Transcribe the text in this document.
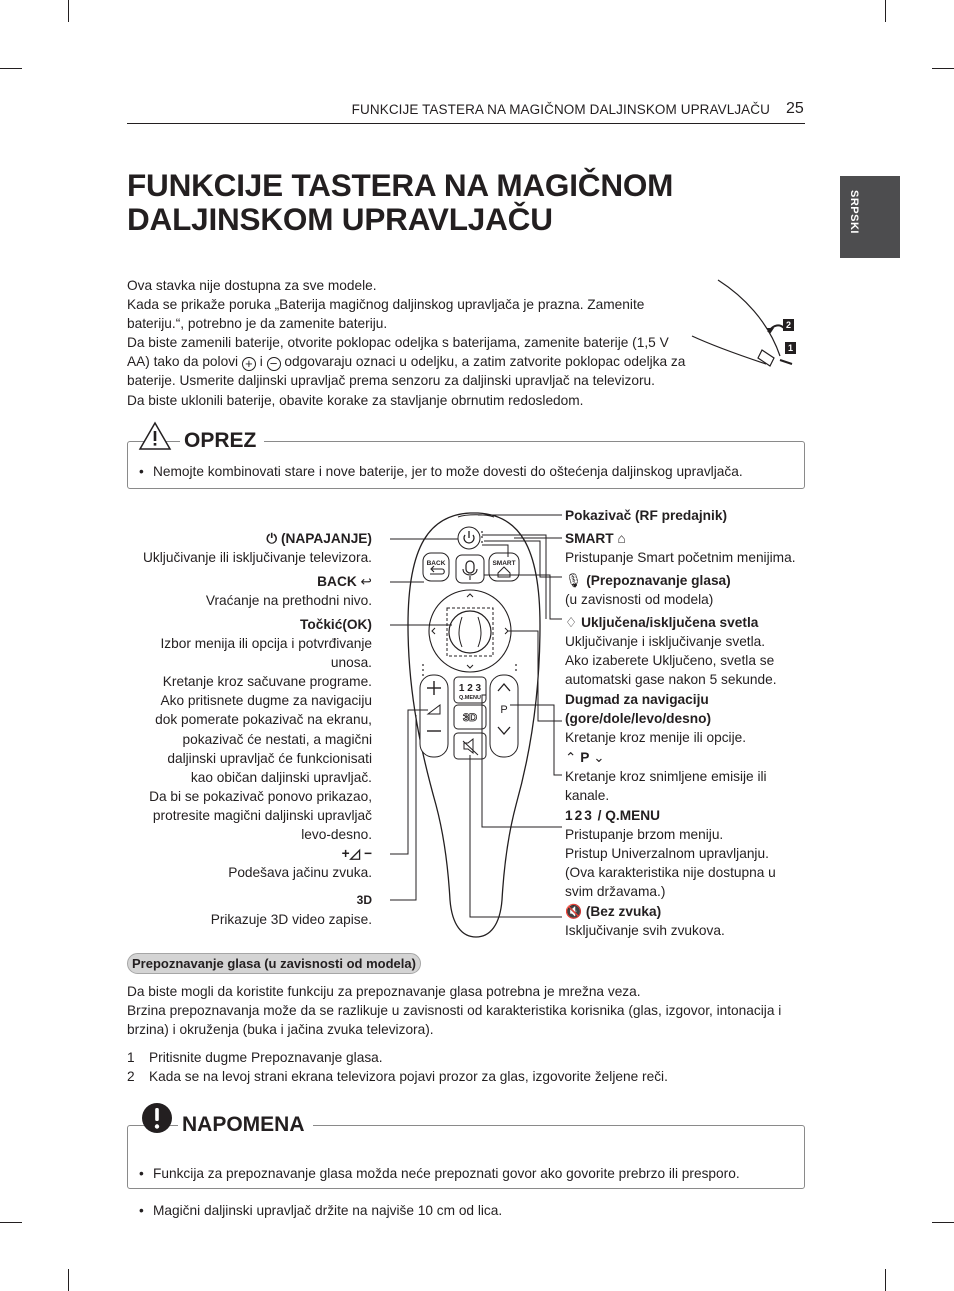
FUNKCIJE TASTERA NA MAGIČNOM DALJINSKOM UPRAVLJAČU 25
SRPSKI
FUNKCIJE TASTERA NA MAGIČNOM
DALJINSKOM UPRAVLJAČU

Ova stavka nije dostupna za sve modele.

Kada se prikaže poruka „Baterija magičnog daljinskog upravljača je prazna. Zamenite bateriju.“, potrebno je da zamenite bateriju.

Da biste zamenili baterije, otvorite poklopac odeljka s baterijama, zamenite baterije (1,5 V AA) tako da polovi + i − odgovaraju oznaci u odeljku, a zatim zatvorite poklopac odeljka za baterije. Usmerite daljinski upravljač prema senzoru za daljinski upravljač na televizoru.

Da biste uklonili baterije, obavite korake za stavljanje obrnutim redosledom.

1
2
OPREZ
• Nemojte kombinovati stare i nove baterije, jer to može dovesti do oštećenja daljinskog upravljača.
BACK	SMART
P
1 2 3
Q.MENU
3D
⏻ (NAPAJANJE)
Uključivanje ili isključivanje televizora.
BACK ↩
Vraćanje na prethodni nivo.
Točkić(OK)
Izbor menija ili opcija i potvrđivanje
unosa.
Kretanje kroz sačuvane programe.
Ako pritisnete dugme za navigaciju
dok pomerate pokazivač na ekranu,
pokazivač će nestati, a magični
daljinski upravljač će funkcionisati
kao običan daljinski upravljač.
Da bi se pokazivač ponovo prikazao,
protresite magični daljinski upravljač
levo-desno.
+◿ −
Podešava jačinu zvuka.
3D
Prikazuje 3D video zapise.
Pokazivač (RF predajnik)
SMART ⌂
Pristupanje Smart početnim menijima.
🎙 (Prepoznavanje glasa)
(u zavisnosti od modela)
♢ Uključena/isključena svetla
Uključivanje i isključivanje svetla.
Ako izaberete Uključeno, svetla se
automatski gase nakon 5 sekunde.
Dugmad za navigaciju
(gore/dole/levo/desno)
Kretanje kroz menije ili opcije.
⌃ P ⌄
Kretanje kroz snimljene emisije ili
kanale.
123 / Q.MENU
Pristupanje brzom meniju.
Pristup Univerzalnom upravljanju.
(Ova karakteristika nije dostupna u
svim državama.)
🔇 (Bez zvuka)
Isključivanje svih zvukova.
Prepoznavanje glasa (u zavisnosti od modela)
Da biste mogli da koristite funkciju za prepoznavanje glasa potrebna je mrežna veza.
Brzina prepoznavanja može da se razlikuje u zavisnosti od karakteristika korisnika (glas, izgovor, intonacija i brzina) i okruženja (buka i jačina zvuka televizora).
1 Pritisnite dugme Prepoznavanje glasa.
2 Kada se na levoj strani ekrana televizora pojavi prozor za glas, izgovorite željene reči.
NAPOMENA
• Funkcija za prepoznavanje glasa možda neće prepoznati govor ako govorite prebrzo ili presporo.
• Magični daljinski upravljač držite na najviše 10 cm od lica.
